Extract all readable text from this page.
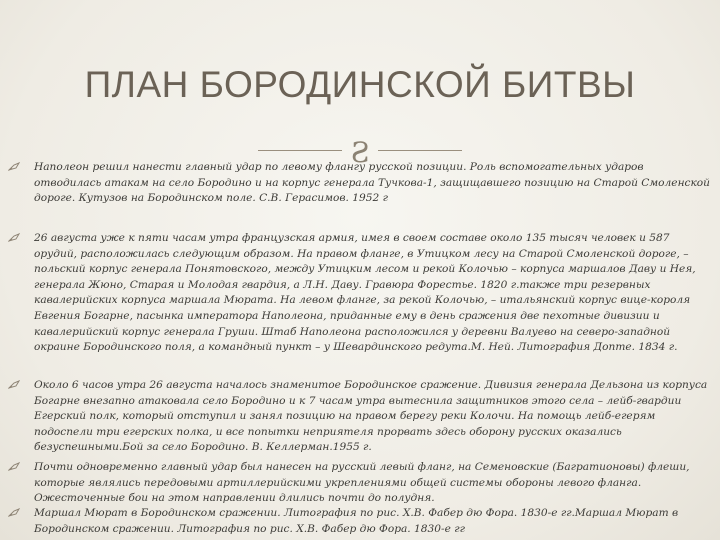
ПЛАН БОРОДИНСКОЙ БИТВЫ
Ƨ
Наполеон решил нанести главный удар по левому флангу русской позиции. Роль вспомогательных ударов отводилась атакам на село Бородино и на корпус генерала Тучкова-1, защищавшего позицию на Старой Смоленской дороге. Кутузов на Бородинском поле. С.В. Герасимов. 1952 г
26 августа уже к пяти часам утра французская армия, имея в своем составе около 135 тысяч человек и 587 орудий, расположилась следующим образом. На правом фланге, в Утицком лесу на Старой Смоленской дороге, – польский корпус генерала Понятовского, между Утицким лесом и рекой Колочью – корпуса маршалов Даву и Нея, генерала Жюно, Старая и Молодая гвардия, а Л.Н. Даву. Гравюра Форестье. 1820 г.также три резервных кавалерийских корпуса маршала Мюрата. На левом фланге, за рекой Колочью, – итальянский корпус вице-короля Евгения Богарне, пасынка императора Наполеона, приданные ему в день сражения две пехотные дивизии и кавалерийский корпус генерала Груши. Штаб Наполеона расположился у деревни Валуево на северо-западной окраине Бородинского поля, а командный пункт – у Шевардинского редута.М. Ней. Литография Допте. 1834 г.
Около 6 часов утра 26 августа началось знаменитое Бородинское сражение. Дивизия генерала Дельзона из корпуса Богарне внезапно атаковала село Бородино и к 7 часам утра вытеснила защитников этого села – лейб-гвардии Егерский полк, который отступил и занял позицию на правом берегу реки Колочи. На помощь лейб-егерям подоспели три егерских полка, и все попытки неприятеля прорвать здесь оборону русских оказались безуспешными.Бой за село Бородино. В. Келлерман.1955 г.
Почти одновременно главный удар был нанесен на русский левый фланг, на Семеновские (Багратионовы) флеши, которые являлись передовыми артиллерийскими укреплениями общей системы обороны левого фланга. Ожесточенные бои на этом направлении длились почти до полудня.
Маршал Мюрат в Бородинском сражении. Литография по рис. Х.В. Фабер дю Фора. 1830-е гг.Маршал Мюрат в Бородинском сражении. Литография по рис. Х.В. Фабер дю Фора. 1830-е гг
